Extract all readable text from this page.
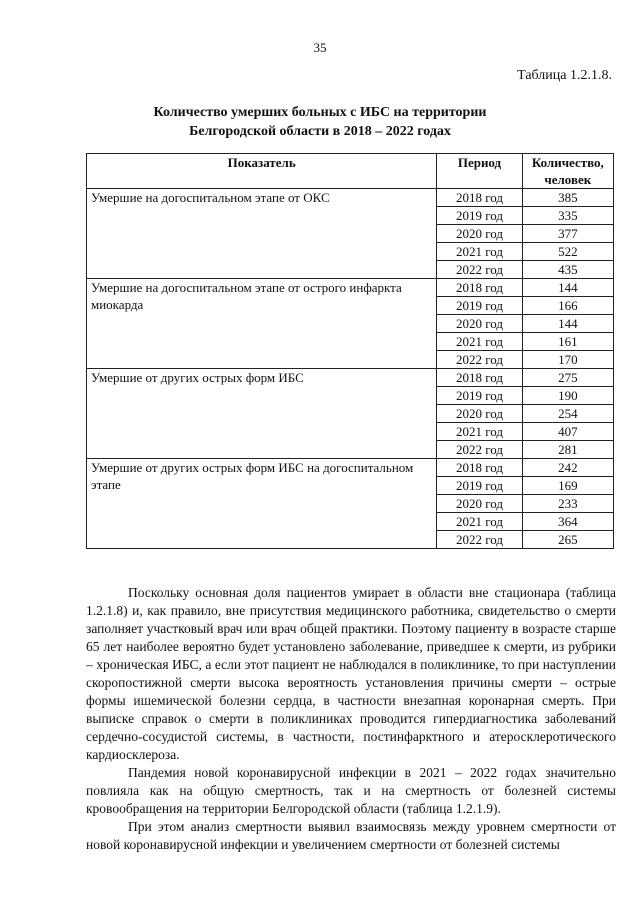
35
Таблица 1.2.1.8.
Количество умерших больных с ИБС на территории
Белгородской области в 2018 – 2022 годах
Показатель	Период	Количество, человек
Умершие на догоспитальном этапе от ОКС	2018 год	385
	2019 год	335
	2020 год	377
	2021 год	522
	2022 год	435
Умершие на догоспитальном этапе от острого инфаркта миокарда	2018 год	144
	2019 год	166
	2020 год	144
	2021 год	161
	2022 год	170
Умершие от других острых форм ИБС	2018 год	275
	2019 год	190
	2020 год	254
	2021 год	407
	2022 год	281
Умершие от других острых форм ИБС на догоспитальном этапе	2018 год	242
	2019 год	169
	2020 год	233
	2021 год	364
	2022 год	265

Поскольку основная доля пациентов умирает в области вне стационара (таблица 1.2.1.8) и, как правило, вне присутствия медицинского работника, свидетельство о смерти заполняет участковый врач или врач общей практики. Поэтому пациенту в возрасте старше 65 лет наиболее вероятно будет установлено заболевание, приведшее к смерти, из рубрики – хроническая ИБС, а если этот пациент не наблюдался в поликлинике, то при наступлении скоропостижной смерти высока вероятность установления причины смерти – острые формы ишемической болезни сердца, в частности внезапная коронарная смерть. При выписке справок о смерти в поликлиниках проводится гипердиагностика заболеваний сердечно-сосудистой системы, в частности, постинфарктного и атеросклеротического кардиосклероза.

Пандемия новой коронавирусной инфекции в 2021 – 2022 годах значительно повлияла как на общую смертность, так и на смертность от болезней системы кровообращения на территории Белгородской области (таблица 1.2.1.9).

При этом анализ смертности выявил взаимосвязь между уровнем смертности от новой коронавирусной инфекции и увеличением смертности от болезней системы
